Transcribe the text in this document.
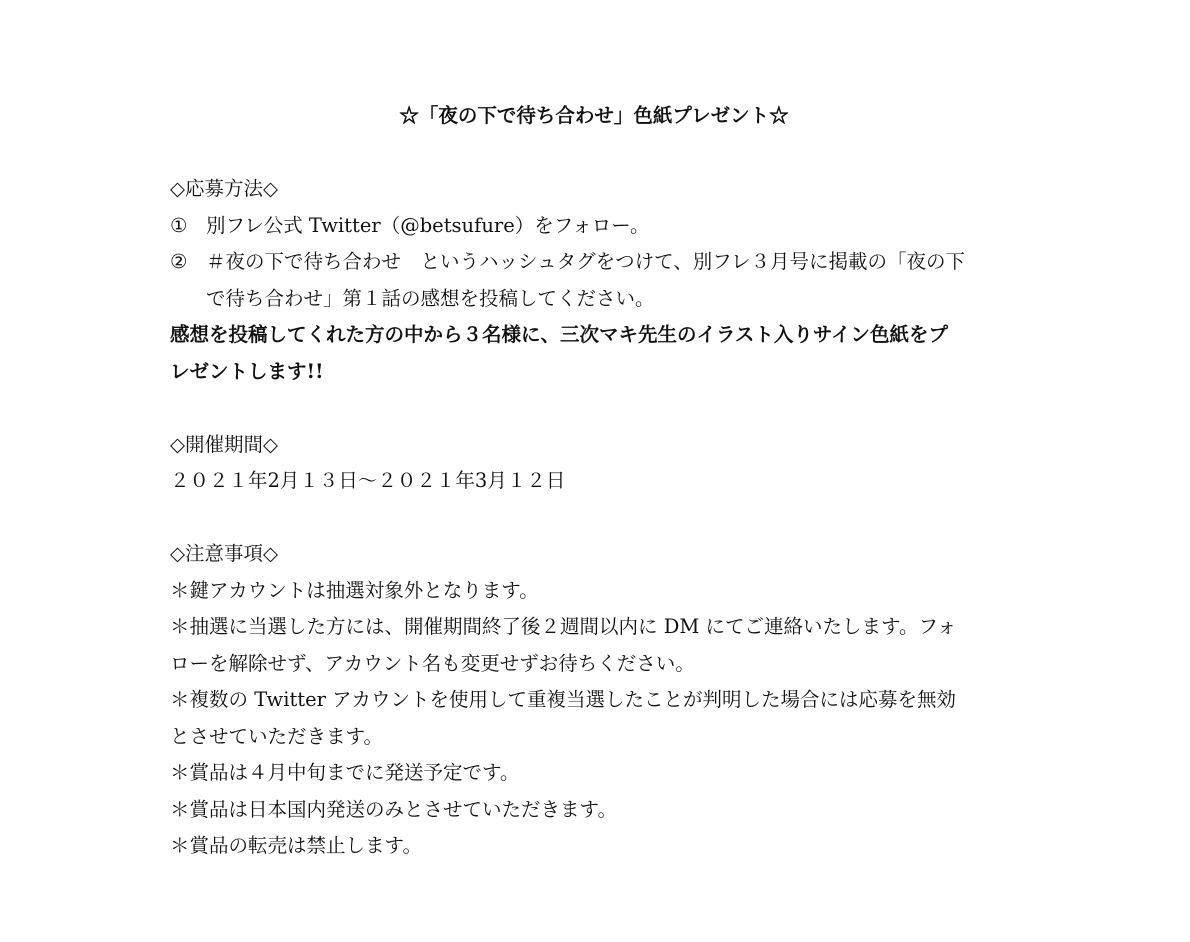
☆「夜の下で待ち合わせ」色紙プレゼント☆
◇応募方法◇
① 別フレ公式 Twitter（@betsufure）をフォロー。
② ＃夜の下で待ち合わせ　というハッシュタグをつけて、別フレ３月号に掲載の「夜の下
で待ち合わせ」第１話の感想を投稿してください。
感想を投稿してくれた方の中から３名様に、三次マキ先生のイラスト入りサイン色紙をプ
レゼントします!!
◇開催期間◇
２０２１年2月１３日〜２０２１年3月１２日
◇注意事項◇
＊鍵アカウントは抽選対象外となります。
＊抽選に当選した方には、開催期間終了後２週間以内に DM にてご連絡いたします。フォ
ローを解除せず、アカウント名も変更せずお待ちください。
＊複数の Twitter アカウントを使用して重複当選したことが判明した場合には応募を無効
とさせていただきます。
＊賞品は４月中旬までに発送予定です。
＊賞品は日本国内発送のみとさせていただきます。
＊賞品の転売は禁止します。
